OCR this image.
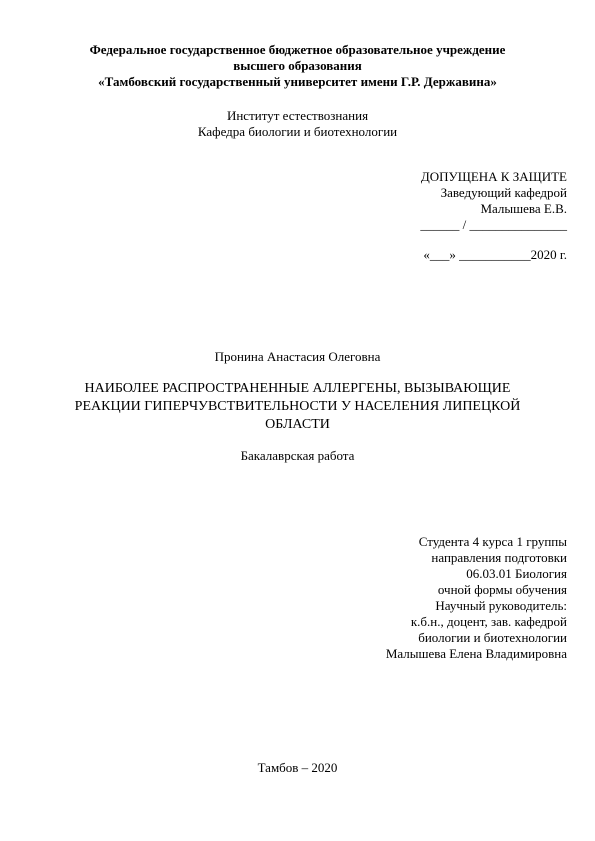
Федеральное государственное бюджетное образовательное учреждение
высшего образования
«Тамбовский государственный университет имени Г.Р. Державина»
Институт естествознания
Кафедра биологии и биотехнологии
ДОПУЩЕНА К ЗАЩИТЕ
Заведующий кафедрой
Малышева Е.В.
______ / _______________
«___» ___________2020 г.
Пронина Анастасия Олеговна
НАИБОЛЕЕ РАСПРОСТРАНЕННЫЕ АЛЛЕРГЕНЫ, ВЫЗЫВАЮЩИЕ
РЕАКЦИИ ГИПЕРЧУВСТВИТЕЛЬНОСТИ У НАСЕЛЕНИЯ ЛИПЕЦКОЙ
ОБЛАСТИ
Бакалаврская работа
Студента 4 курса 1 группы
направления подготовки
06.03.01 Биология
очной формы обучения
Научный руководитель:
к.б.н., доцент, зав. кафедрой
биологии и биотехнологии
Малышева Елена Владимировна
Тамбов – 2020
